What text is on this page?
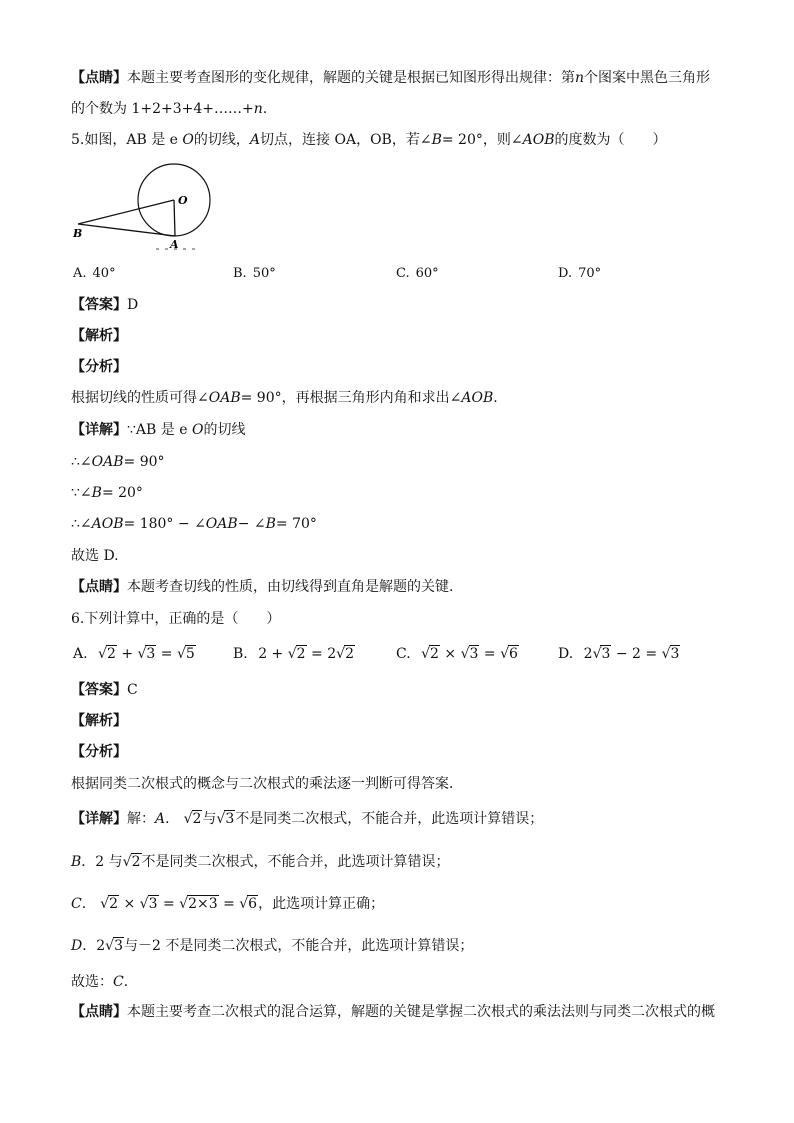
【点睛】本题主要考查图形的变化规律，解题的关键是根据已知图形得出规律：第n个图案中黑色三角形
的个数为 1+2+3+4+……+n.
5.如图，AB 是 e O的切线，A切点，连接 OA，OB，若∠B= 20°，则∠AOB的度数为（　　）
O
A
B
A. 40°	B. 50°	C. 60°	D. 70°
【答案】D
【解析】
【分析】
根据切线的性质可得∠OAB= 90°，再根据三角形内角和求出∠AOB.
【详解】∵AB 是 e O的切线
∴∠OAB= 90°
∵∠B= 20°
∴∠AOB= 180° − ∠OAB− ∠B= 70°
故选 D.
【点睛】本题考查切线的性质，由切线得到直角是解题的关键.
6.下列计算中，正确的是（　　）
A. √2 + √3 = √5	B. 2 + √2 = 2√2	C. √2 × √3 = √6	D. 2√3 − 2 = √3
【答案】C
【解析】
【分析】
根据同类二次根式的概念与二次根式的乘法逐一判断可得答案．
【详解】解：A． √2与√3不是同类二次根式，不能合并，此选项计算错误；
B．2 与√2不是同类二次根式，不能合并，此选项计算错误；
C． √2 × √3 = √2×3 = √6，此选项计算正确；
D．2√3与－2 不是同类二次根式，不能合并，此选项计算错误；
故选：C．
【点睛】本题主要考查二次根式的混合运算，解题的关键是掌握二次根式的乘法法则与同类二次根式的概
